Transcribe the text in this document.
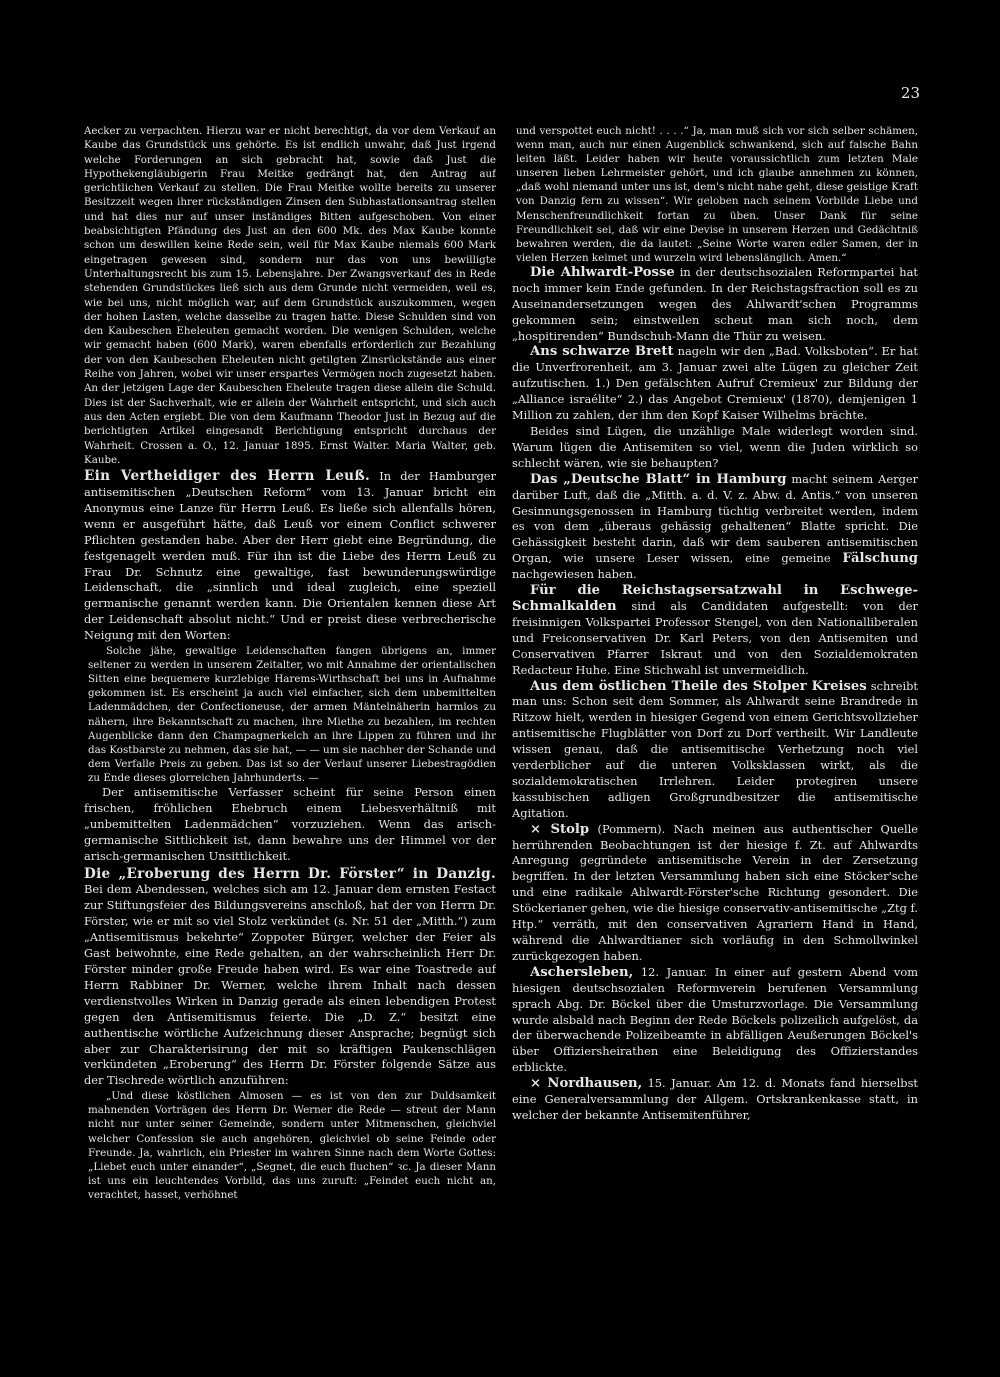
23

Aecker zu verpachten. Hierzu war er nicht berechtigt, da vor dem Verkauf an Kaube das Grundstück uns gehörte. Es ist endlich unwahr, daß Just irgend welche Forderungen an sich gebracht hat, sowie daß Just die Hypothekengläubigerin Frau Meitke gedrängt hat, den Antrag auf gerichtlichen Verkauf zu stellen. Die Frau Meitke wollte bereits zu unserer Besitzzeit wegen ihrer rückständigen Zinsen den Subhastationsantrag stellen und hat dies nur auf unser inständiges Bitten aufgeschoben. Von einer beabsichtigten Pfändung des Just an den 600 Mk. des Max Kaube konnte schon um deswillen keine Rede sein, weil für Max Kaube niemals 600 Mark eingetragen gewesen sind, sondern nur das von uns bewilligte Unterhaltungsrecht bis zum 15. Lebensjahre. Der Zwangsverkauf des in Rede stehenden Grundstückes ließ sich aus dem Grunde nicht vermeiden, weil es, wie bei uns, nicht möglich war, auf dem Grundstück auszukommen, wegen der hohen Lasten, welche dasselbe zu tragen hatte. Diese Schulden sind von den Kaubeschen Eheleuten gemacht worden. Die wenigen Schulden, welche wir gemacht haben (600 Mark), waren ebenfalls erforderlich zur Bezahlung der von den Kaubeschen Eheleuten nicht getilgten Zinsrückstände aus einer Reihe von Jahren, wobei wir unser erspartes Vermögen noch zugesetzt haben. An der jetzigen Lage der Kaubeschen Eheleute tragen diese allein die Schuld. Dies ist der Sachverhalt, wie er allein der Wahrheit entspricht, und sich auch aus den Acten ergiebt. Die von dem Kaufmann Theodor Just in Bezug auf die berichtigten Artikel eingesandt Berichtigung entspricht durchaus der Wahrheit. Crossen a. O., 12. Januar 1895. Ernst Walter. Maria Walter, geb. Kaube.

Ein Vertheidiger des Herrn Leuß. In der Hamburger antisemitischen „Deutschen Reform“ vom 13. Januar bricht ein Anonymus eine Lanze für Herrn Leuß. Es ließe sich allenfalls hören, wenn er ausgeführt hätte, daß Leuß vor einem Conflict schwerer Pflichten gestanden habe. Aber der Herr giebt eine Begründung, die festgenagelt werden muß. Für ihn ist die Liebe des Herrn Leuß zu Frau Dr. Schnutz eine gewaltige, fast bewunderungswürdige Leidenschaft, die „sinnlich und ideal zugleich, eine speziell germanische genannt werden kann. Die Orientalen kennen diese Art der Leidenschaft absolut nicht.“ Und er preist diese verbrecherische Neigung mit den Worten:

Solche jähe, gewaltige Leidenschaften fangen übrigens an, immer seltener zu werden in unserem Zeitalter, wo mit Annahme der orientalischen Sitten eine bequemere kurzlebige Harems-Wirthschaft bei uns in Aufnahme gekommen ist. Es erscheint ja auch viel einfacher, sich dem unbemittelten Ladenmädchen, der Confectioneuse, der armen Mäntelnäherin harmlos zu nähern, ihre Bekanntschaft zu machen, ihre Miethe zu bezahlen, im rechten Augenblicke dann den Champagnerkelch an ihre Lippen zu führen und ihr das Kostbarste zu nehmen, das sie hat, — — um sie nachher der Schande und dem Verfalle Preis zu geben. Das ist so der Verlauf unserer Liebestragödien zu Ende dieses glorreichen Jahrhunderts. —

Der antisemitische Verfasser scheint für seine Person einen frischen, fröhlichen Ehebruch einem Liebesverhältniß mit „unbemittelten Ladenmädchen“ vorzuziehen. Wenn das arisch-germanische Sittlichkeit ist, dann bewahre uns der Himmel vor der arisch-germanischen Unsittlichkeit.

Die „Eroberung des Herrn Dr. Förster“ in Danzig. Bei dem Abendessen, welches sich am 12. Januar dem ernsten Festact zur Stiftungsfeier des Bildungsvereins anschloß, hat der von Herrn Dr. Förster, wie er mit so viel Stolz verkündet (s. Nr. 51 der „Mitth.“) zum „Antisemitismus bekehrte“ Zoppoter Bürger, welcher der Feier als Gast beiwohnte, eine Rede gehalten, an der wahrscheinlich Herr Dr. Förster minder große Freude haben wird. Es war eine Toastrede auf Herrn Rabbiner Dr. Werner, welche ihrem Inhalt nach dessen verdienstvolles Wirken in Danzig gerade als einen lebendigen Protest gegen den Antisemitismus feierte. Die „D. Z.“ besitzt eine authentische wörtliche Aufzeichnung dieser Ansprache; begnügt sich aber zur Charakterisirung der mit so kräftigen Paukenschlägen verkündeten „Eroberung“ des Herrn Dr. Förster folgende Sätze aus der Tischrede wörtlich anzuführen:

„Und diese köstlichen Almosen — es ist von den zur Duldsamkeit mahnenden Vorträgen des Herrn Dr. Werner die Rede — streut der Mann nicht nur unter seiner Gemeinde, sondern unter Mitmenschen, gleichviel welcher Confession sie auch angehören, gleichviel ob seine Feinde oder Freunde. Ja, wahrlich, ein Priester im wahren Sinne nach dem Worte Gottes: „Liebet euch unter einander“, „Segnet, die euch fluchen“ ꝛc. Ja dieser Mann ist uns ein leuchtendes Vorbild, das uns zuruft: „Feindet euch nicht an, verachtet, hasset, verhöhnet

und verspottet euch nicht! . . . .“ Ja, man muß sich vor sich selber schämen, wenn man, auch nur einen Augenblick schwankend, sich auf falsche Bahn leiten läßt. Leider haben wir heute voraussichtlich zum letzten Male unseren lieben Lehrmeister gehört, und ich glaube annehmen zu können, „daß wohl niemand unter uns ist, dem's nicht nahe geht, diese geistige Kraft von Danzig fern zu wissen“. Wir geloben nach seinem Vorbilde Liebe und Menschenfreundlichkeit fortan zu üben. Unser Dank für seine Freundlichkeit sei, daß wir eine Devise in unserem Herzen und Gedächtniß bewahren werden, die da lautet: „Seine Worte waren edler Samen, der in vielen Herzen keimet und wurzeln wird lebenslänglich. Amen.“

Die Ahlwardt-Posse in der deutschsozialen Reformpartei hat noch immer kein Ende gefunden. In der Reichstagsfraction soll es zu Auseinandersetzungen wegen des Ahlwardt'schen Programms gekommen sein; einstweilen scheut man sich noch, dem „hospitirenden“ Bundschuh-Mann die Thür zu weisen.

Ans schwarze Brett nageln wir den „Bad. Volksboten“. Er hat die Unverfrorenheit, am 3. Januar zwei alte Lügen zu gleicher Zeit aufzutischen. 1.) Den gefälschten Aufruf Cremieux' zur Bildung der „Alliance israélite“ 2.) das Angebot Cremieux' (1870), demjenigen 1 Million zu zahlen, der ihm den Kopf Kaiser Wilhelms brächte.

Beides sind Lügen, die unzählige Male widerlegt worden sind. Warum lügen die Antisemiten so viel, wenn die Juden wirklich so schlecht wären, wie sie behaupten?

Das „Deutsche Blatt“ in Hamburg macht seinem Aerger darüber Luft, daß die „Mitth. a. d. V. z. Abw. d. Antis.“ von unseren Gesinnungsgenossen in Hamburg tüchtig verbreitet werden, indem es von dem „überaus gehässig gehaltenen“ Blatte spricht. Die Gehässigkeit besteht darin, daß wir dem sauberen antisemitischen Organ, wie unsere Leser wissen, eine gemeine Fälschung nachgewiesen haben.

Für die Reichstagsersatzwahl in Eschwege-Schmalkalden sind als Candidaten aufgestellt: von der freisinnigen Volkspartei Professor Stengel, von den Nationalliberalen und Freiconservativen Dr. Karl Peters, von den Antisemiten und Conservativen Pfarrer Iskraut und von den Sozialdemokraten Redacteur Huhe. Eine Stichwahl ist unvermeidlich.

Aus dem östlichen Theile des Stolper Kreises schreibt man uns: Schon seit dem Sommer, als Ahlwardt seine Brandrede in Ritzow hielt, werden in hiesiger Gegend von einem Gerichtsvollzieher antisemitische Flugblätter von Dorf zu Dorf vertheilt. Wir Landleute wissen genau, daß die antisemitische Verhetzung noch viel verderblicher auf die unteren Volksklassen wirkt, als die sozialdemokratischen Irrlehren. Leider protegiren unsere kassubischen adligen Großgrundbesitzer die antisemitische Agitation.

× Stolp (Pommern). Nach meinen aus authentischer Quelle herrührenden Beobachtungen ist der hiesige f. Zt. auf Ahlwardts Anregung gegründete antisemitische Verein in der Zersetzung begriffen. In der letzten Versammlung haben sich eine Stöcker'sche und eine radikale Ahlwardt-Förster'sche Richtung gesondert. Die Stöckerianer gehen, wie die hiesige conservativ-antisemitische „Ztg f. Htp.“ verräth, mit den conservativen Agrariern Hand in Hand, während die Ahlwardtianer sich vorläufig in den Schmollwinkel zurückgezogen haben.

Aschersleben, 12. Januar. In einer auf gestern Abend vom hiesigen deutschsozialen Reformverein berufenen Versammlung sprach Abg. Dr. Böckel über die Umsturzvorlage. Die Versammlung wurde alsbald nach Beginn der Rede Böckels polizeilich aufgelöst, da der überwachende Polizeibeamte in abfälligen Aeußerungen Böckel's über Offiziersheirathen eine Beleidigung des Offizierstandes erblickte.

× Nordhausen, 15. Januar. Am 12. d. Monats fand hierselbst eine Generalversammlung der Allgem. Ortskrankenkasse statt, in welcher der bekannte Antisemitenführer,
